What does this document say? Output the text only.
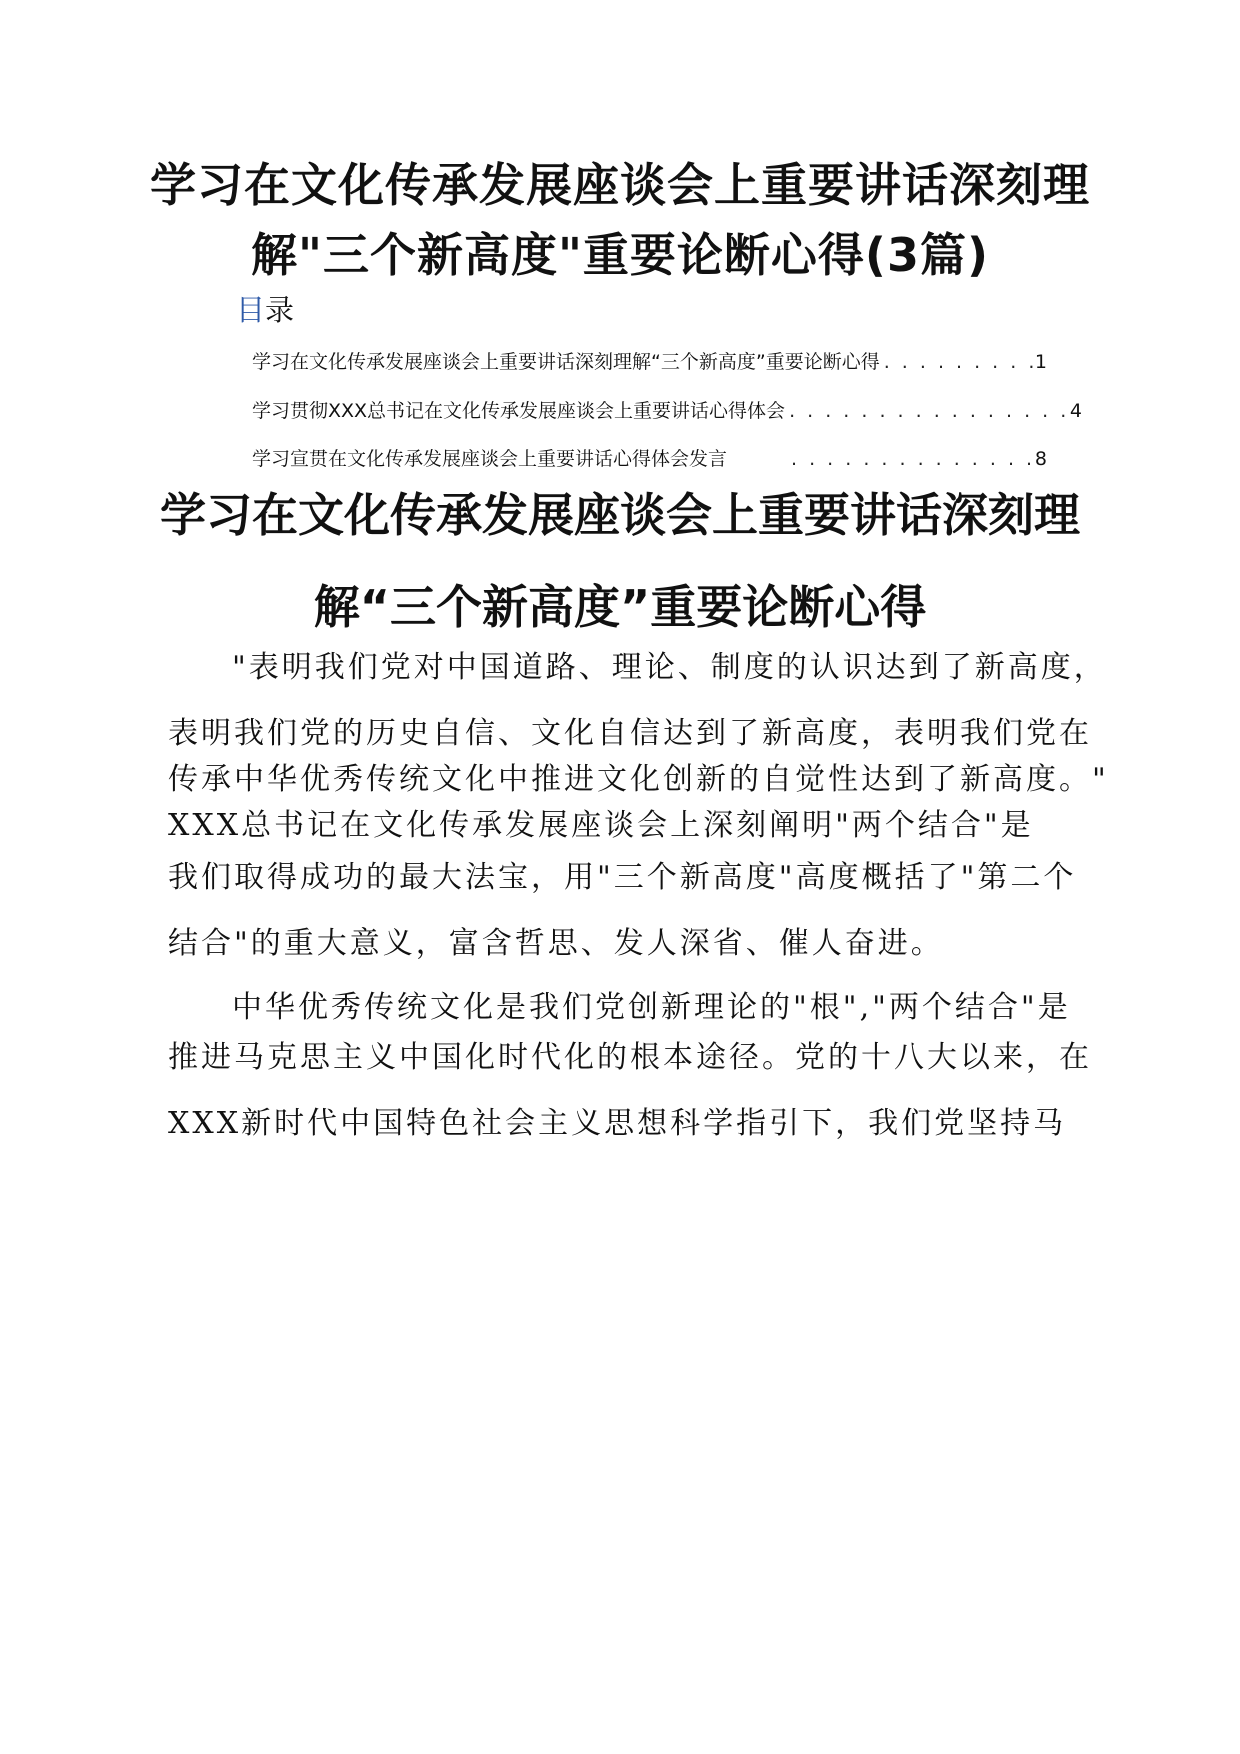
学习在文化传承发展座谈会上重要讲话深刻理
解"三个新高度"重要论断心得(3篇)
目录
学习在文化传承发展座谈会上重要讲话深刻理解“三个新高度”重要论断心得 . . .	1
学习贯彻XXX总书记在文化传承发展座谈会上重要讲话心得体会 . . .	4
学习宣贯在文化传承发展座谈会上重要讲话心得体会发言 . . .	8
学习在文化传承发展座谈会上重要讲话深刻理
解“三个新高度”重要论断心得
"表明我们党对中国道路、理论、制度的认识达到了新高度，
表明我们党的历史自信、文化自信达到了新高度，表明我们党在
传承中华优秀传统文化中推进文化创新的自觉性达到了新高度。"
XXX总书记在文化传承发展座谈会上深刻阐明"两个结合"是
我们取得成功的最大法宝，用"三个新高度"高度概括了"第二个
结合"的重大意义，富含哲思、发人深省、催人奋进。
中华优秀传统文化是我们党创新理论的"根","两个结合"是
推进马克思主义中国化时代化的根本途径。党的十八大以来，在
XXX新时代中国特色社会主义思想科学指引下，我们党坚持马
